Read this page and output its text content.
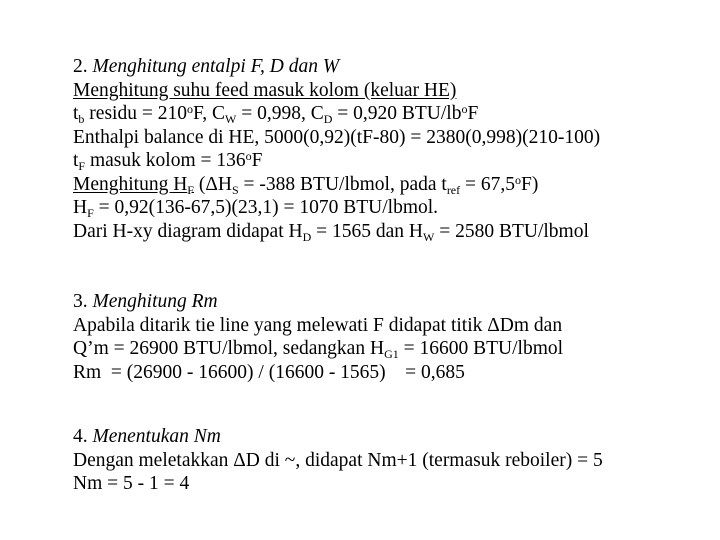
2. Menghitung entalpi F, D dan W
Menghitung suhu feed masuk kolom (keluar HE)
$t_b$ residu = $210^oF$, $C_W = 0,998$, $C_D = 0,920$ BTU/$lb^oF$
Enthalpi balance di HE, 5000(0,92)(tF-80) = 2380(0,998)(210-100)
$t_F$ masuk kolom = $136^oF$
Menghitung $H_F$ ($\Delta H_S = -388$ BTU/lbmol, pada $t_{ref} = 67,5^oF$)
$H_F = 0,92(136-67,5)(23,1) = 1070$ BTU/lbmol.
Dari H-xy diagram didapat $H_D = 1565$ dan $H_W = 2580$ BTU/lbmol
3. Menghitung Rm
Apabila ditarik tie line yang melewati F didapat titik ΔDm dan
Q’m = 26900 BTU/lbmol, sedangkan $H_{G1} = 16600$ BTU/lbmol
Rm  = (26900 - 16600) / (16600 - 1565)    = 0,685
4. Menentukan Nm
Dengan meletakkan ΔD di ~, didapat Nm+1 (termasuk reboiler) = 5
Nm = 5 - 1 = 4
